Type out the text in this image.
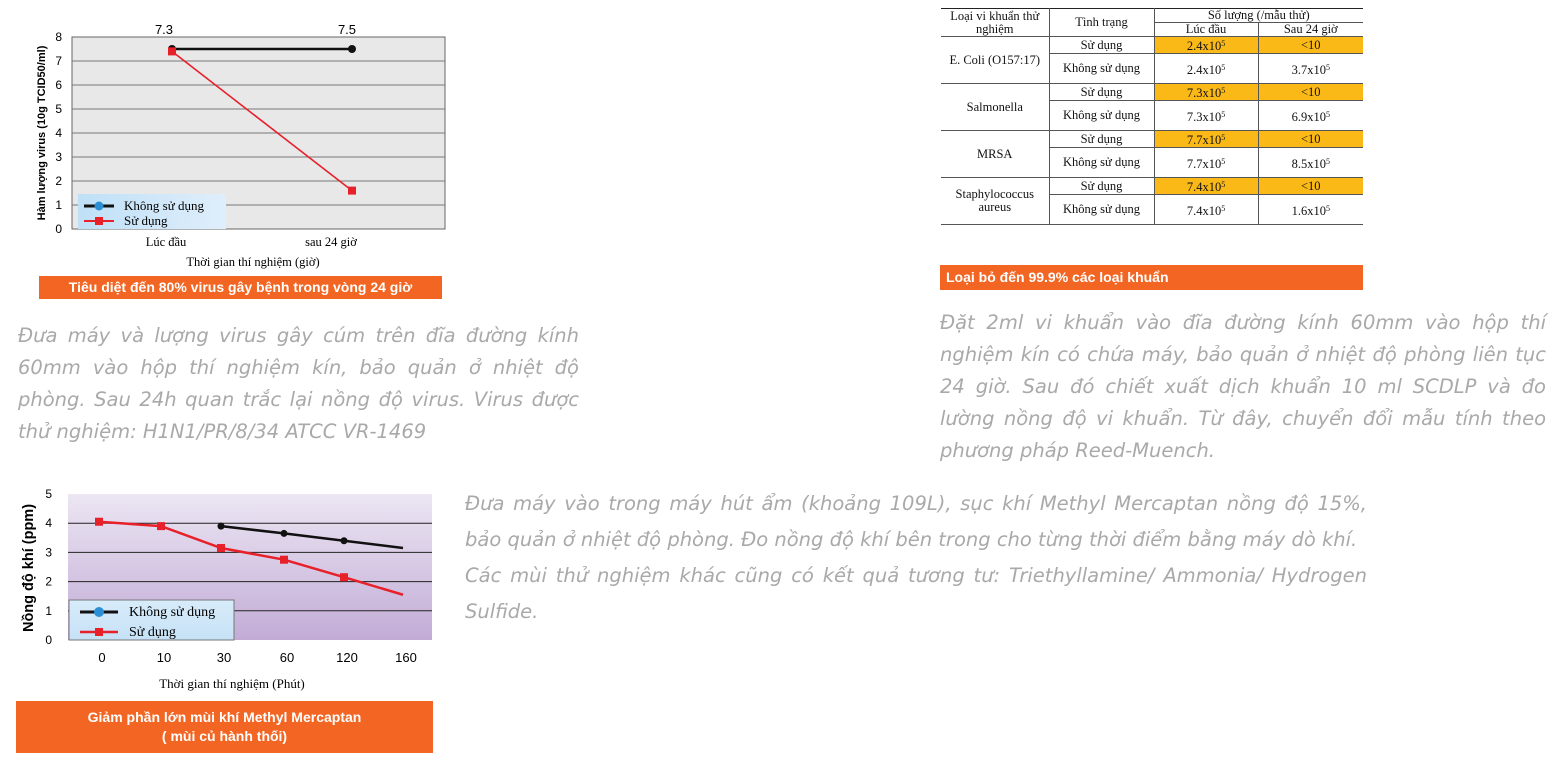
0
1
2
3
4
5
6
7
8	7.3	7.5
Hàm lượng virus (10g TCID50/ml)
Lúc đầu	sau 24 giờ
Thời gian thí nghiệm (giờ)
Không sử dụng
Sử dụng
Tiêu diệt đến 80% virus gây bệnh trong vòng 24 giờ
Đưa máy và lượng virus gây cúm trên đĩa đường kính 60mm vào hộp thí nghiệm kín, bảo quản ở nhiệt độ phòng. Sau 24h quan trắc lại nồng độ virus. Virus được thử nghiệm: H1N1/PR/8/34 ATCC VR-1469
Loại vi khuẩn thử nghiệm	Tình trạng	Số lượng (/mẫu thử)	
		Lúc đầu	Sau 24 giờ
E. Coli (O157:17)	Sử dụng	$2.4x10^5$	<10
	Không sử dụng	$2.4x10^5$	$3.7x10^5$
Salmonella	Sử dụng	$7.3x10^5$	<10
	Không sử dụng	$7.3x10^5$	$6.9x10^5$
MRSA	Sử dụng	$7.7x10^5$	<10
	Không sử dụng	$7.7x10^5$	$8.5x10^5$
Staphylococcus aureus	Sử dụng	$7.4x10^5$	<10
	Không sử dụng	$7.4x10^5$	$1.6x10^5$
Loại bỏ đến 99.9% các loại khuẩn
Đặt 2ml vi khuẩn vào đĩa đường kính 60mm vào hộp thí nghiệm kín có chứa máy, bảo quản ở nhiệt độ phòng liên tục 24 giờ. Sau đó chiết xuất dịch khuẩn 10 ml SCDLP và đo lường nồng độ vi khuẩn. Từ đây, chuyển đổi mẫu tính theo phương pháp Reed-Muench.
0
1
2
3
4
5
Nồng độ khí (ppm)
0	10	30	60	120	160
Thời gian thí nghiệm (Phút)
Không sử dụng
Sử dụng
Giảm phần lớn mùi khí Methyl Mercaptan
( mùi củ hành thối)

Đưa máy vào trong máy hút ẩm (khoảng 109L), sục khí Methyl Mercaptan nồng độ 15%, bảo quản ở nhiệt độ phòng. Đo nồng độ khí bên trong cho từng thời điểm bằng máy dò khí.

Các mùi thử nghiệm khác cũng có kết quả tương tư: Triethyllamine/ Ammonia/ Hydrogen Sulfide.
